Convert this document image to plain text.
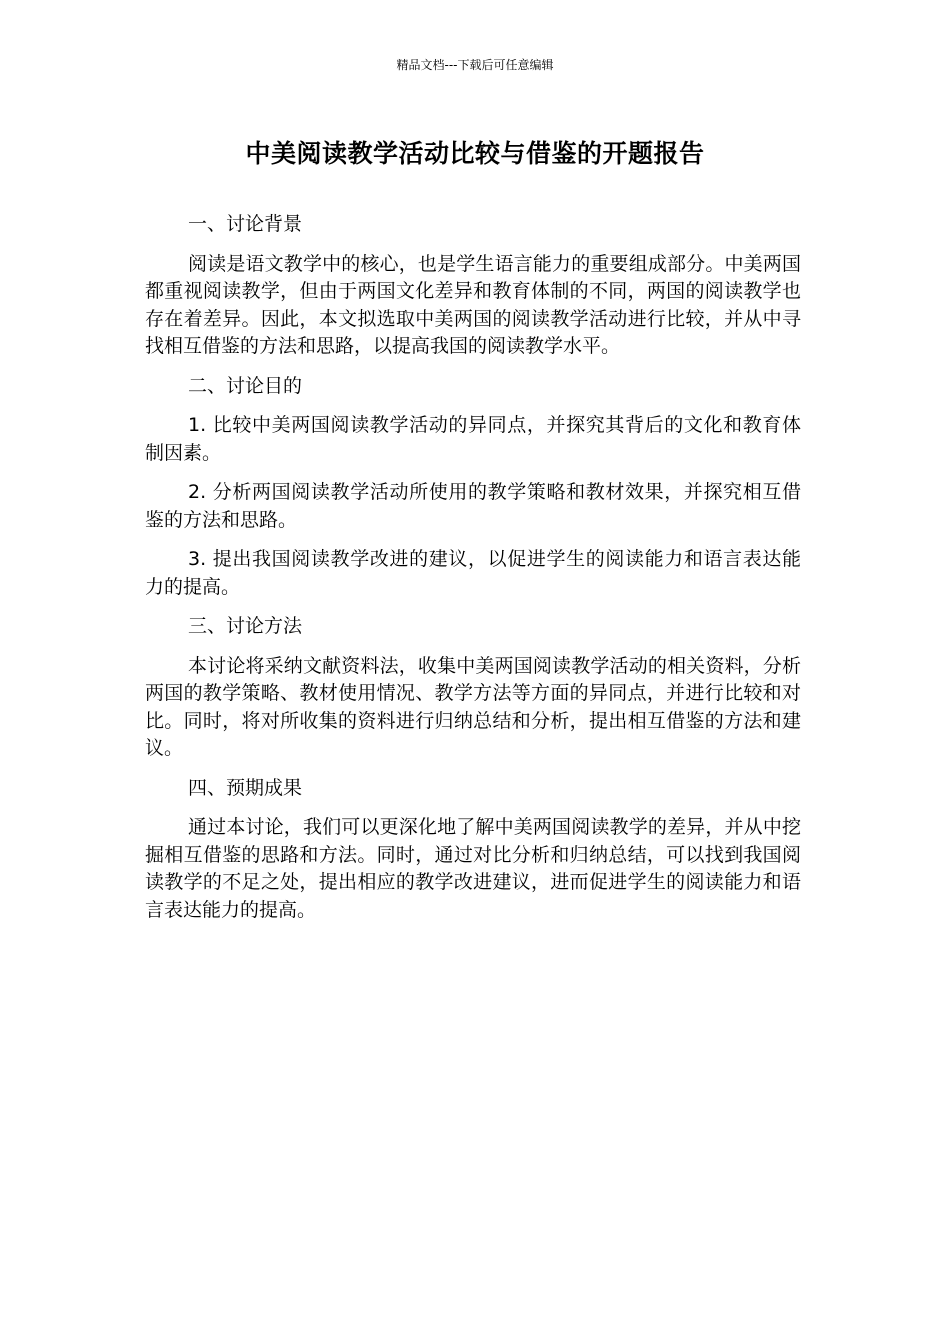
精品文档---下载后可任意编辑
中美阅读教学活动比较与借鉴的开题报告
一、讨论背景
阅读是语文教学中的核心，也是学生语言能力的重要组成部分。中美两国都重视阅读教学，但由于两国文化差异和教育体制的不同，两国的阅读教学也存在着差异。因此，本文拟选取中美两国的阅读教学活动进行比较，并从中寻找相互借鉴的方法和思路，以提高我国的阅读教学水平。
二、讨论目的
1. 比较中美两国阅读教学活动的异同点，并探究其背后的文化和教育体制因素。
2. 分析两国阅读教学活动所使用的教学策略和教材效果，并探究相互借鉴的方法和思路。
3. 提出我国阅读教学改进的建议，以促进学生的阅读能力和语言表达能力的提高。
三、讨论方法
本讨论将采纳文献资料法，收集中美两国阅读教学活动的相关资料，分析两国的教学策略、教材使用情况、教学方法等方面的异同点，并进行比较和对比。同时，将对所收集的资料进行归纳总结和分析，提出相互借鉴的方法和建议。
四、预期成果
通过本讨论，我们可以更深化地了解中美两国阅读教学的差异，并从中挖掘相互借鉴的思路和方法。同时，通过对比分析和归纳总结，可以找到我国阅读教学的不足之处，提出相应的教学改进建议，进而促进学生的阅读能力和语言表达能力的提高。
